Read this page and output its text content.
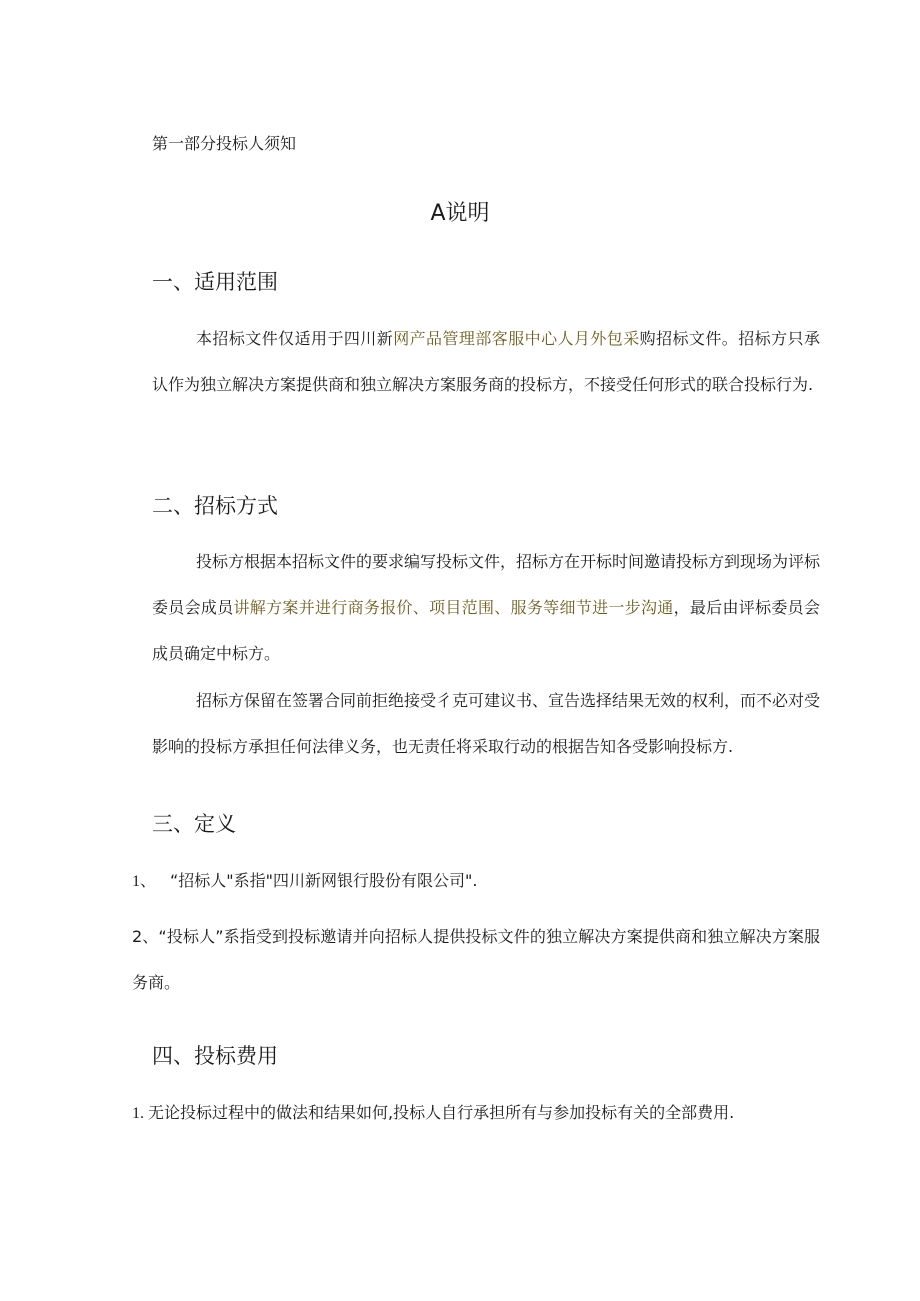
第一部分投标人须知
A说明
一、适用范围

本招标文件仅适用于四川新网产品管理部客服中心人月外包采购招标文件。招标方只承认作为独立解决方案提供商和独立解决方案服务商的投标方，不接受任何形式的联合投标行为.

二、招标方式

投标方根据本招标文件的要求编写投标文件，招标方在开标时间邀请投标方到现场为评标委员会成员讲解方案并进行商务报价、项目范围、服务等细节进一步沟通，最后由评标委员会成员确定中标方。

招标方保留在签署合同前拒绝接受彳克可建议书、宣告选择结果无效的权利，而不必对受影响的投标方承担任何法律义务，也无责任将采取行动的根据告知各受影响投标方.

三、定义
1、 “招标人"系指"四川新网银行股份有限公司".

2、“投标人”系指受到投标邀请并向招标人提供投标文件的独立解决方案提供商和独立解决方案服务商。

四、投标费用
1. 无论投标过程中的做法和结果如何,投标人自行承担所有与参加投标有关的全部费用.
